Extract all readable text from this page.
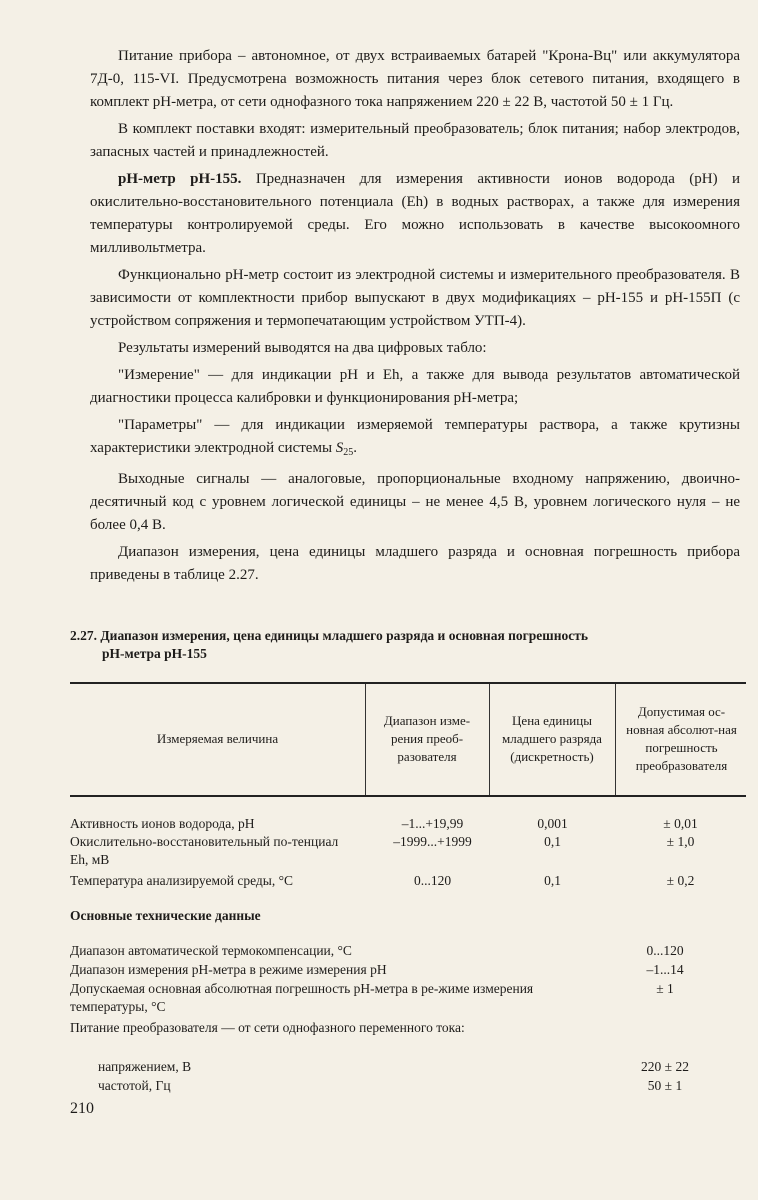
Питание прибора – автономное, от двух встраиваемых батарей "Крона-Вц" или аккумулятора 7Д-0, 115-VI. Предусмотрена возможность питания через блок сетевого питания, входящего в комплект pH-метра, от сети однофазного тока напряжением 220 ± 22 В, частотой 50 ± 1 Гц.

В комплект поставки входят: измерительный преобразователь; блок питания; набор электродов, запасных частей и принадлежностей.

pH-метр pH-155. Предназначен для измерения активности ионов водорода (pH) и окислительно-восстановительного потенциала (Eh) в водных растворах, а также для измерения температуры контролируемой среды. Его можно использовать в качестве высокоомного милливольтметра.

Функционально pH-метр состоит из электродной системы и измерительного преобразователя. В зависимости от комплектности прибор выпускают в двух модификациях – pH-155 и pH-155П (с устройством сопряжения и термопечатающим устройством УТП-4).

Результаты измерений выводятся на два цифровых табло:

"Измерение" — для индикации pH и Eh, а также для вывода результатов автоматической диагностики процесса калибровки и функционирования pH-метра;

"Параметры" — для индикации измеряемой температуры раствора, а также крутизны характеристики электродной системы $S_{25}$.

Выходные сигналы — аналоговые, пропорциональные входному напряжению, двоично-десятичный код с уровнем логической единицы – не менее 4,5 В, уровнем логического нуля – не более 0,4 В.

Диапазон измерения, цена единицы младшего разряда и основная погрешность прибора приведены в таблице 2.27.

2.27. Диапазон измерения, цена единицы младшего разряда и основная погрешность
pH-метра pH-155
Измеряемая величина
Диапазон изме-рения преоб-разователя
Цена единицы младшего разряда (дискретность)
Допустимая ос-новная абсолют-ная погрешность преобразователя
Активность ионов водорода, pH	–1...+19,99	0,001	± 0,01
Окислительно-восстановительный по-тенциал Eh, мВ
–1999...+1999	0,1	± 1,0
Температура анализируемой среды, °С	0...120	0,1	± 0,2
Основные технические данные
Диапазон автоматической термокомпенсации, °С	0...120
Диапазон измерения pH-метра в режиме измерения pH	–1...14
Допускаемая основная абсолютная погрешность pH-метра в ре-жиме измерения температуры, °С
± 1
Питание преобразователя — от сети однофазного переменного тока:
напряжением, В	220 ± 22
частотой, Гц	50 ± 1
210
